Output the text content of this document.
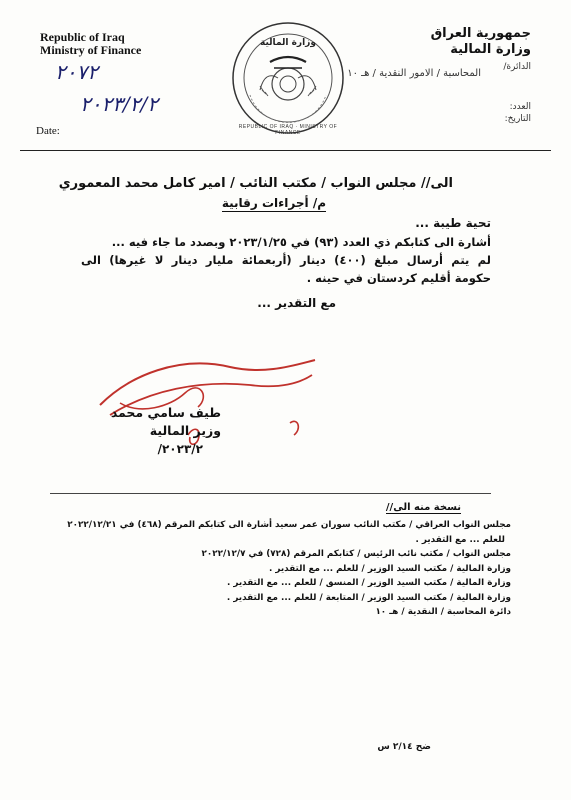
Republic of Iraq
Ministry of Finance
جمهورية العراق
وزارة المالية
الدائرة/
المحاسبة / الامور النقدية / هـ ١٠
العدد:
التاريخ:
٢٠٧٢
٢٠٢٣/٢/٢
Date:
وزارة المالية
REPUBLIC OF IRAQ · MINISTRY OF FINANCE
الى// مجلس النواب / مكتب النائب / امير كامل محمد المعموري
م/ أجراءات رقابية
تحية طيبة ...
أشارة الى كتابكم ذي العدد (٩٣) في ٢٠٢٣/١/٢٥ وبصدد ما جاء فيه ...
لم يتم أرسال مبلغ (٤٠٠) دينار (أربعمائة مليار دينار لا غيرها) الى
حكومة أقليم كردستان في حينه .
مع التقدير ...
طيف سامي محمد
وزير المالية
٢٠٢٣/٢/
نسخة منه الى//
مجلس النواب العراقي / مكتب النائب سوران عمر سعيد أشارة الى كتابكم المرقم (٤٦٨) في ٢٠٢٢/١٢/٢١
للعلم ... مع التقدير .
مجلس النواب / مكتب نائب الرئيس / كتابكم المرقم (٧٢٨) في ٢٠٢٢/١٢/٧
وزارة المالية / مكتب السيد الوزير / للعلم ... مع التقدير .
وزارة المالية / مكتب السيد الوزير / المنسق / للعلم ... مع التقدير .
وزارة المالية / مكتب السيد الوزير / المتابعة / للعلم ... مع التقدير .
دائرة المحاسبة / النقدية / هـ ١٠
ضح ٢/١٤ س
